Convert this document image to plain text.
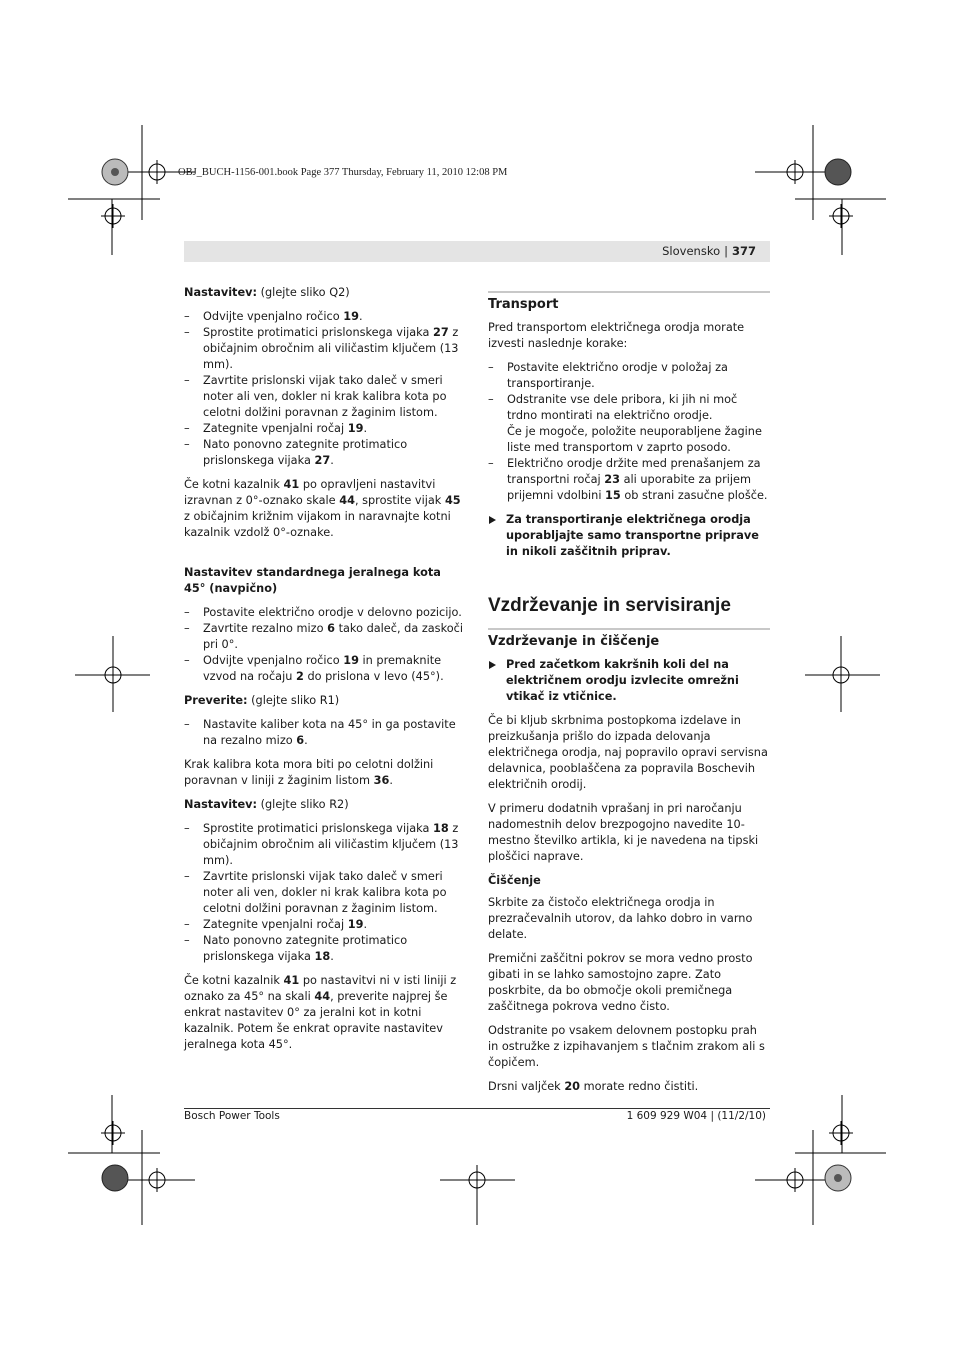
OBJ_BUCH-1156-001.book Page 377 Thursday, February 11, 2010 12:08 PM
Slovensko | 377

Nastavitev: (glejte sliko Q2)

– Odvijte vpenjalno ročico 19.
– Sprostite protimatici prislonskega vijaka 27 z običajnim obročnim ali viličastim ključem (13 mm).
– Zavrtite prislonski vijak tako daleč v smeri noter ali ven, dokler ni krak kalibra kota po celotni dolžini poravnan z žaginim listom.
– Zategnite vpenjalni ročaj 19.
– Nato ponovno zategnite protimatico prislonskega vijaka 27.

Če kotni kazalnik 41 po opravljeni nastavitvi izravnan z 0°-oznako skale 44, sprostite vijak 45 z običajnim križnim vijakom in naravnajte kotni kazalnik vzdolž 0°-oznake.

Nastavitev standardnega jeralnega kota 45° (navpično)

– Postavite električno orodje v delovno pozicijo.
– Zavrtite rezalno mizo 6 tako daleč, da zaskoči pri 0°.
– Odvijte vpenjalno ročico 19 in premaknite vzvod na ročaju 2 do prislona v levo (45°).

Preverite: (glejte sliko R1)

– Nastavite kaliber kota na 45° in ga postavite na rezalno mizo 6.

Krak kalibra kota mora biti po celotni dolžini poravnan v liniji z žaginim listom 36.

Nastavitev: (glejte sliko R2)

– Sprostite protimatici prislonskega vijaka 18 z običajnim obročnim ali viličastim ključem (13 mm).
– Zavrtite prislonski vijak tako daleč v smeri noter ali ven, dokler ni krak kalibra kota po celotni dolžini poravnan z žaginim listom.
– Zategnite vpenjalni ročaj 19.
– Nato ponovno zategnite protimatico prislonskega vijaka 18.

Če kotni kazalnik 41 po nastavitvi ni v isti liniji z oznako za 45° na skali 44, preverite najprej še enkrat nastavitev 0° za jeralni kot in kotni kazalnik. Potem še enkrat opravite nastavitev jeralnega kota 45°.

Transport

Pred transportom električnega orodja morate izvesti naslednje korake:

– Postavite električno orodje v položaj za transportiranje.
– Odstranite vse dele pribora, ki jih ni moč trdno montirati na električno orodje.
Če je mogoče, položite neuporabljene žagine liste med transportom v zaprto posodo.
– Električno orodje držite med prenašanjem za transportni ročaj 23 ali uporabite za prijem prijemni vdolbini 15 ob strani zasučne plošče.
Za transportiranje električnega orodja uporabljajte samo transportne priprave in nikoli zaščitnih priprav.
Vzdrževanje in servisiranje
Vzdrževanje in čiščenje
Pred začetkom kakršnih koli del na električnem orodju izvlecite omrežni vtikač iz vtičnice.

Če bi kljub skrbnima postopkoma izdelave in preizkušanja prišlo do izpada delovanja električnega orodja, naj popravilo opravi servisna delavnica, pooblaščena za popravila Boschevih električnih orodij.

V primeru dodatnih vprašanj in pri naročanju nadomestnih delov brezpogojno navedite 10-mestno številko artikla, ki je navedena na tipski ploščici naprave.

Čiščenje

Skrbite za čistočo električnega orodja in prezračevalnih utorov, da lahko dobro in varno delate.

Premični zaščitni pokrov se mora vedno prosto gibati in se lahko samostojno zapre. Zato poskrbite, da bo območje okoli premičnega zaščitnega pokrova vedno čisto.

Odstranite po vsakem delovnem postopku prah in ostružke z izpihavanjem s tlačnim zrakom ali s čopičem.

Drsni valjček 20 morate redno čistiti.

Bosch Power Tools	1 609 929 W04 | (11/2/10)
